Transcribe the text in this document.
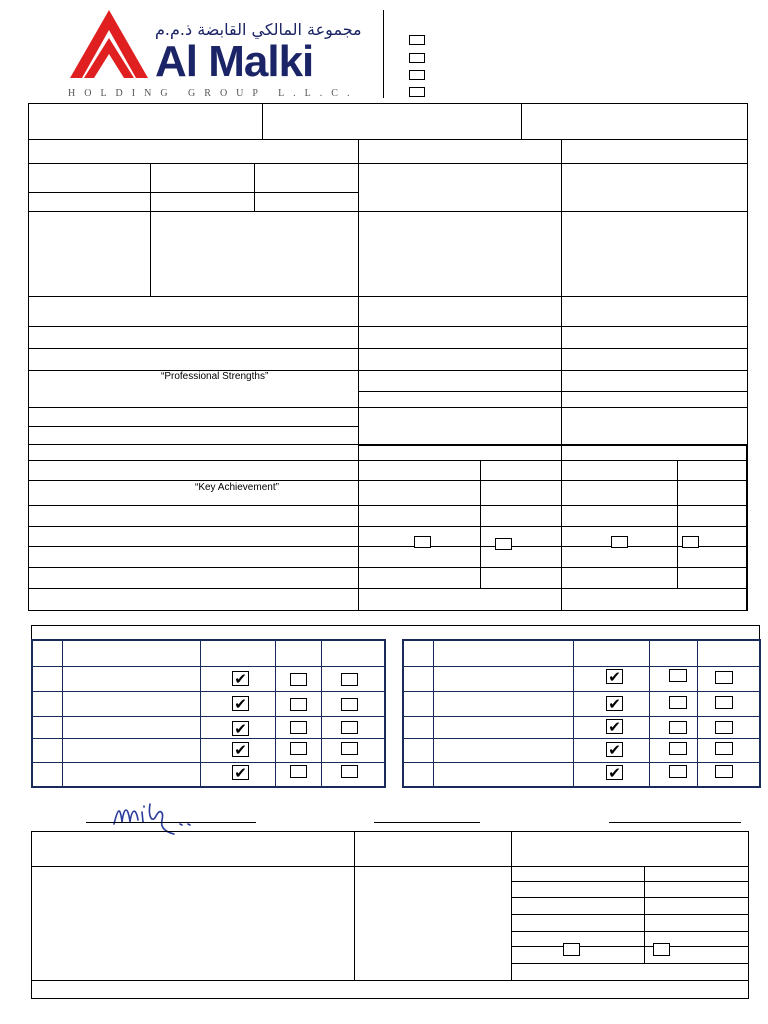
مجموعة المالكي القابضة ذ.م.م
Al Malki
HOLDING GROUP L.L.C.
“Professional Strengths”
“Key Achievement”
✔
✔
✔
✔
✔
✔
✔
✔
✔
✔
